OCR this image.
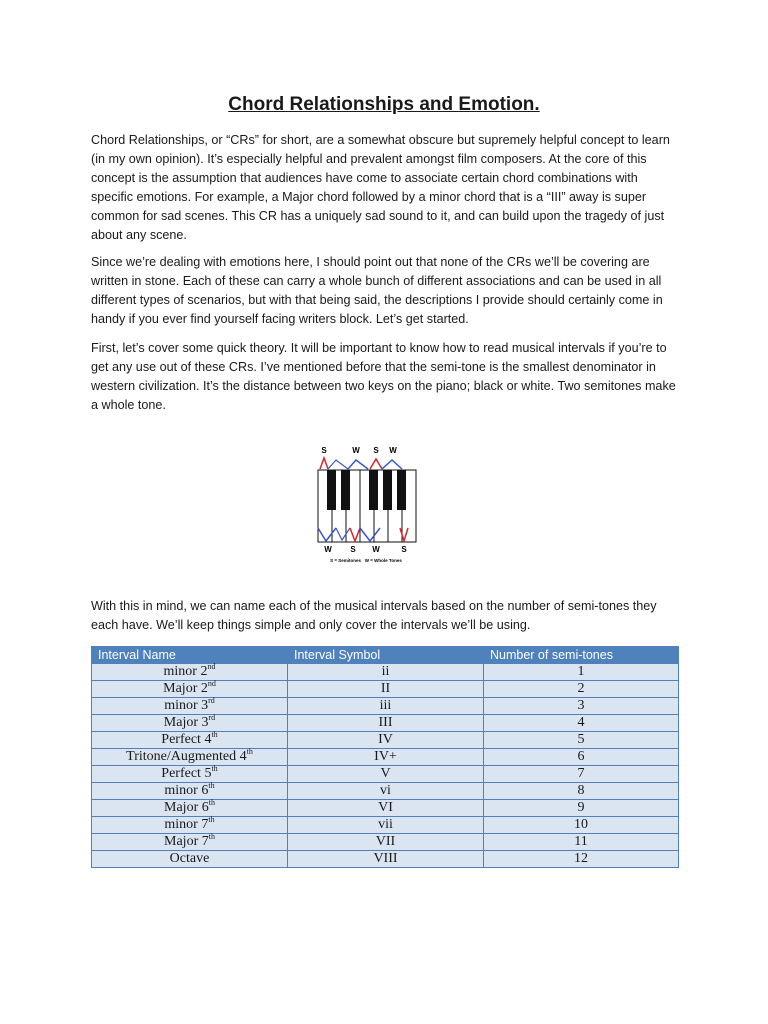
Chord Relationships and Emotion.

Chord Relationships, or “CRs” for short, are a somewhat obscure but supremely helpful concept to learn (in my own opinion). It’s especially helpful and prevalent amongst film composers. At the core of this concept is the assumption that audiences have come to associate certain chord combinations with specific emotions. For example, a Major chord followed by a minor chord that is a “III” away is super common for sad scenes. This CR has a uniquely sad sound to it, and can build upon the tragedy of just about any scene.

Since we’re dealing with emotions here, I should point out that none of the CRs we’ll be covering are written in stone. Each of these can carry a whole bunch of different associations and can be used in all different types of scenarios, but with that being said, the descriptions I provide should certainly come in handy if you ever find yourself facing writers block. Let’s get started.

First, let’s cover some quick theory. It will be important to know how to read musical intervals if you’re to get any use out of these CRs. I’ve mentioned before that the semi-tone is the smallest denominator in western civilization. It’s the distance between two keys on the piano; black or white. Two semitones make a whole tone.

S	W S W
W S W	S
S = Semitones   W = Whole Tones

With this in mind, we can name each of the musical intervals based on the number of semi-tones they each have. We’ll keep things simple and only cover the intervals we’ll be using.

Interval Name	Interval Symbol	Number of semi-tones
minor 2nd	ii	1
Major 2nd	II	2
minor 3rd	iii	3
Major 3rd	III	4
Perfect 4th	IV	5
Tritone/Augmented 4th	IV+	6
Perfect 5th	V	7
minor 6th	vi	8
Major 6th	VI	9
minor 7th	vii	10
Major 7th	VII	11
Octave	VIII	12
